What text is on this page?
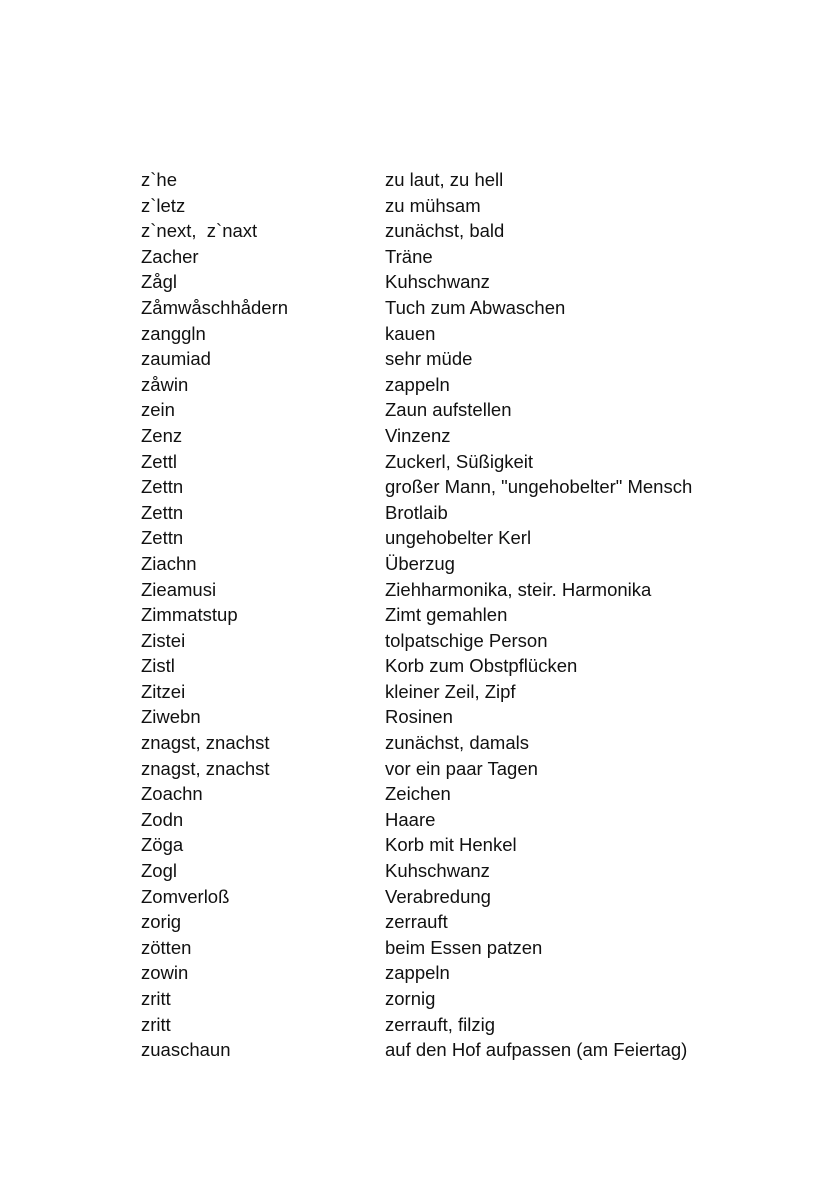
z`he	zu laut, zu hell
z`letz	zu mühsam
z`next,  z`naxt	zunächst, bald
Zacher	Träne
Zågl	Kuhschwanz
Zåmwåschhådern	Tuch zum Abwaschen
zanggln	kauen
zaumiad	sehr müde
zåwin	zappeln
zein	Zaun aufstellen
Zenz	Vinzenz
Zettl	Zuckerl, Süßigkeit
Zettn	großer Mann, "ungehobelter" Mensch
Zettn	Brotlaib
Zettn	ungehobelter Kerl
Ziachn	Überzug
Zieamusi	Ziehharmonika, steir. Harmonika
Zimmatstup	Zimt gemahlen
Zistei	tolpatschige Person
Zistl	Korb zum Obstpflücken
Zitzei	kleiner Zeil, Zipf
Ziwebn	Rosinen
znagst, znachst	zunächst, damals
znagst, znachst	vor ein paar Tagen
Zoachn	Zeichen
Zodn	Haare
Zöga	Korb mit Henkel
Zogl	Kuhschwanz
Zomverloß	Verabredung
zorig	zerrauft
zötten	beim Essen patzen
zowin	zappeln
zritt	zornig
zritt	zerrauft, filzig
zuaschaun	auf den Hof aufpassen (am Feiertag)
